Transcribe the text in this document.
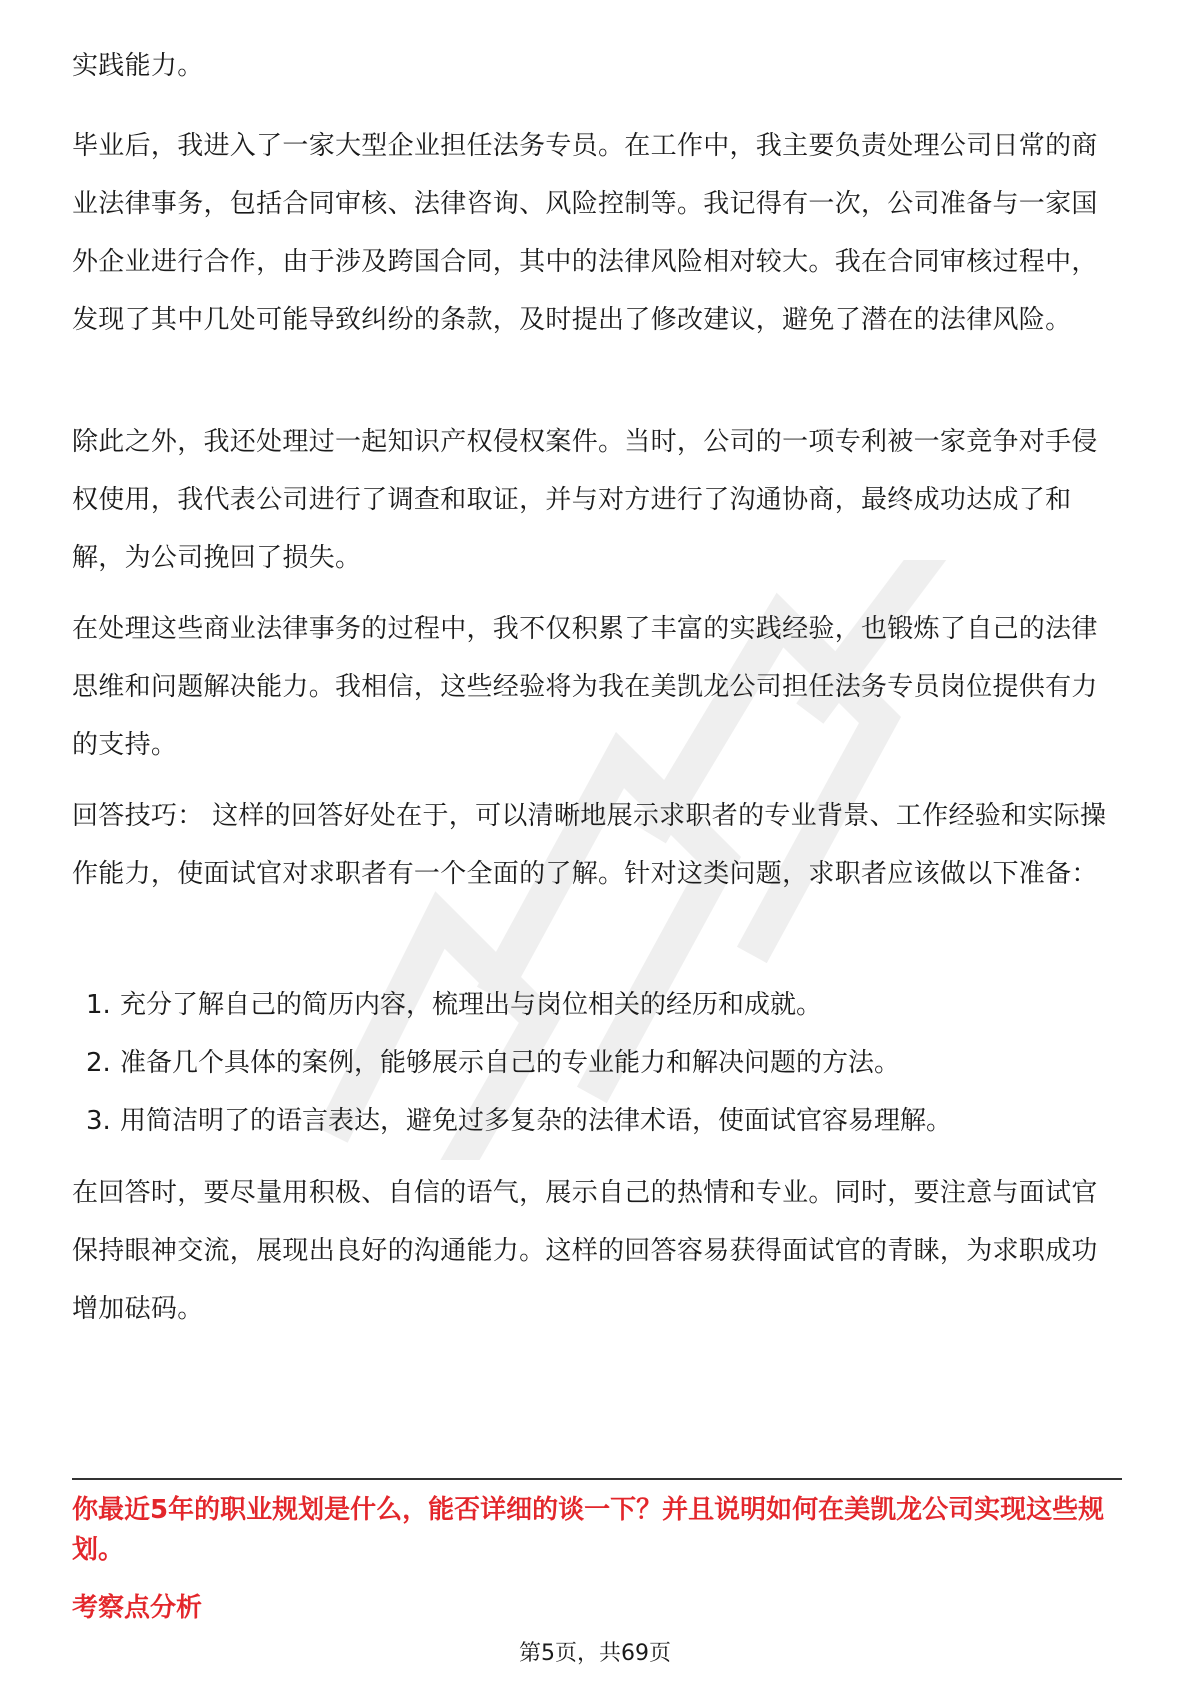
实践能力。

毕业后，我进入了一家大型企业担任法务专员。在工作中，我主要负责处理公司日常的商业法律事务，包括合同审核、法律咨询、风险控制等。我记得有一次，公司准备与一家国外企业进行合作，由于涉及跨国合同，其中的法律风险相对较大。我在合同审核过程中，发现了其中几处可能导致纠纷的条款，及时提出了修改建议，避免了潜在的法律风险。

除此之外，我还处理过一起知识产权侵权案件。当时，公司的一项专利被一家竞争对手侵权使用，我代表公司进行了调查和取证，并与对方进行了沟通协商，最终成功达成了和解，为公司挽回了损失。

在处理这些商业法律事务的过程中，我不仅积累了丰富的实践经验，也锻炼了自己的法律思维和问题解决能力。我相信，这些经验将为我在美凯龙公司担任法务专员岗位提供有力的支持。

回答技巧： 这样的回答好处在于，可以清晰地展示求职者的专业背景、工作经验和实际操作能力，使面试官对求职者有一个全面的了解。针对这类问题，求职者应该做以下准备：

1. 充分了解自己的简历内容，梳理出与岗位相关的经历和成就。
2. 准备几个具体的案例，能够展示自己的专业能力和解决问题的方法。
3. 用简洁明了的语言表达，避免过多复杂的法律术语，使面试官容易理解。

在回答时，要尽量用积极、自信的语气，展示自己的热情和专业。同时，要注意与面试官保持眼神交流，展现出良好的沟通能力。这样的回答容易获得面试官的青睐，为求职成功增加砝码。

你最近5年的职业规划是什么，能否详细的谈一下？并且说明如何在美凯龙公司实现这些规划。

考察点分析

第5页，共69页
